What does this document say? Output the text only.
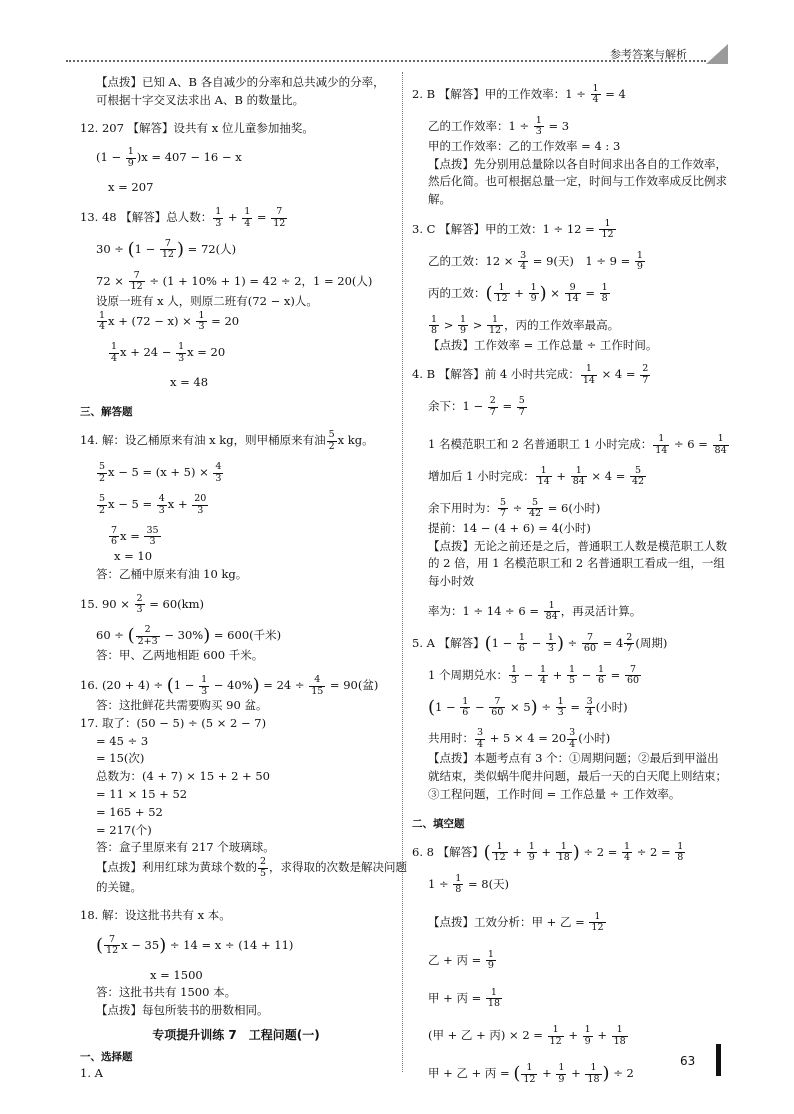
参考答案与解析
【点拨】已知 A、B 各自减少的分率和总共减少的分率，可根据十字交叉法求出 A、B 的数量比。
12. 207 【解答】设共有 x 位儿童参加抽奖。
$(1 - \frac{1}{9} )x = 407 - 16 - x$
x = 207
13. 48 【解答】总人数： $\frac{1}{3} + \frac{1}{4} = \frac{7}{12}$
$30 \div (1 - \frac{7}{12}$ ) = 72(人)
$72 \times \frac{7}{12} \div (1 + 10\% + 1) = 42 \div 2$，1 = 20(人)
设原一班有 x 人，则原二班有(72 − x)人。
$\frac{1}{4}$ $x + (72 - x) \times \frac{1}{3} = 20$
$\frac{1}{4}$ $x + 24 - \frac{1}{3}$ x = 20
x = 48
三、解答题
14. 解：设乙桶原来有油 x kg，则甲桶原来有油 $\frac{5}{2}$ x kg。
$\frac{5}{2}$ $x - 5 = (x + 5) \times \frac{4}{3}$
$\frac{5}{2}$ $x - 5 = \frac{4}{3}$ $x + \frac{20}{3}$
$\frac{7}{6}$ $x = \frac{35}{3}$
x = 10
答：乙桶中原来有油 10 kg。
15. $90 \times \frac{2}{3} = 60(km)$
60 ÷ ( $\frac{2}{2+3} - 30\%) = 600$(千米)
答：甲、乙两地相距 600 千米。
16. $(20 + 4) \div (1 - \frac{1}{3} - 40\%) = 24 \div \frac{4}{15} = 90$(盆)
答：这批鲜花共需要购买 90 盆。
17. 取了：(50 − 5) ÷ (5 × 2 − 7)
= 45 ÷ 3
= 15(次)
总数为：(4 + 7) × 15 + 2 + 50
= 11 × 15 + 52
= 165 + 52
= 217(个)
答：盒子里原来有 217 个玻璃球。
【点拨】利用红球为黄球个数的 $\frac{2}{5}$ ，求得取的次数是解决问题
的关键。
18. 解：设这批书共有 x 本。
( $\frac{7}{12}$ x − 35) ÷ 14 = x ÷ (14 + 11)
x = 1500
答：这批书共有 1500 本。
【点拨】每包所装书的册数相同。
专项提升训练 7　工程问题(一)
一、选择题
1. A
2. B 【解答】甲的工作效率：$1 \div \frac{1}{4} = 4$
乙的工作效率：$1 \div \frac{1}{3} = 3$
甲的工作效率：乙的工作效率 = 4 : 3
【点拨】先分别用总量除以各自时间求出各自的工作效率，然后化简。也可根据总量一定，时间与工作效率成反比例求解。
3. C 【解答】甲的工效：$1 \div 12 = \frac{1}{12}$
乙的工效：$12 \times \frac{3}{4} = 9$(天)　$1 \div 9 = \frac{1}{9}$
丙的工效：( $\frac{1}{12} + \frac{1}{9}$ ) × $\frac{9}{14} = \frac{1}{8}$
$\frac{1}{8} > \frac{1}{9} > \frac{1}{12}$ ，丙的工作效率最高。
【点拨】工作效率 = 工作总量 ÷ 工作时间。
4. B 【解答】前 4 小时共完成： $\frac{1}{14} \times 4 = \frac{2}{7}$
余下：$1 - \frac{2}{7} = \frac{5}{7}$
1 名模范职工和 2 名普通职工 1 小时完成： $\frac{1}{14} \div 6 = \frac{1}{84}$
增加后 1 小时完成： $\frac{1}{14} + \frac{1}{84} \times 4 = \frac{5}{42}$
余下用时为： $\frac{5}{7} \div \frac{5}{42} = 6$(小时)
提前：14 − (4 + 6) = 4(小时)
【点拨】无论之前还是之后，普通职工人数是模范职工人数的 2 倍，用 1 名模范职工和 2 名普通职工看成一组，一组每小时效
率为：$1 \div 14 \div 6 = \frac{1}{84}$ ，再灵活计算。
5. A 【解答】($1 - \frac{1}{6} - \frac{1}{3}$ ) ÷ $\frac{7}{60} = 4 \frac{2}{7}$ (周期)
1 个周期兑水： $\frac{1}{3} - \frac{1}{4} + \frac{1}{5} - \frac{1}{6} = \frac{7}{60}$
$(1 - \frac{1}{6} - \frac{7}{60} \times 5) \div \frac{1}{3} = \frac{3}{4}$ (小时)
共用时： $\frac{3}{4} + 5 \times 4 = 20 \frac{3}{4}$ (小时)
【点拨】本题考点有 3 个：①周期问题；②最后到甲溢出就结束，类似蜗牛爬井问题，最后一天的白天爬上则结束；③工程问题，工作时间 = 工作总量 ÷ 工作效率。
二、填空题
6. 8 【解答】( $\frac{1}{12} + \frac{1}{9} + \frac{1}{18}$ ) ÷ $2 = \frac{1}{4} \div 2 = \frac{1}{8}$
$1 \div \frac{1}{8} = 8$(天)
【点拨】工效分析：甲 + 乙 = $\frac{1}{12}$
乙 + 丙 = $\frac{1}{9}$
甲 + 丙 = $\frac{1}{18}$
(甲 + 乙 + 丙) × $2 = \frac{1}{12} + \frac{1}{9} + \frac{1}{18}$
甲 + 乙 + 丙 = ( $\frac{1}{12} + \frac{1}{9} + \frac{1}{18}$ ) ÷ 2
63
